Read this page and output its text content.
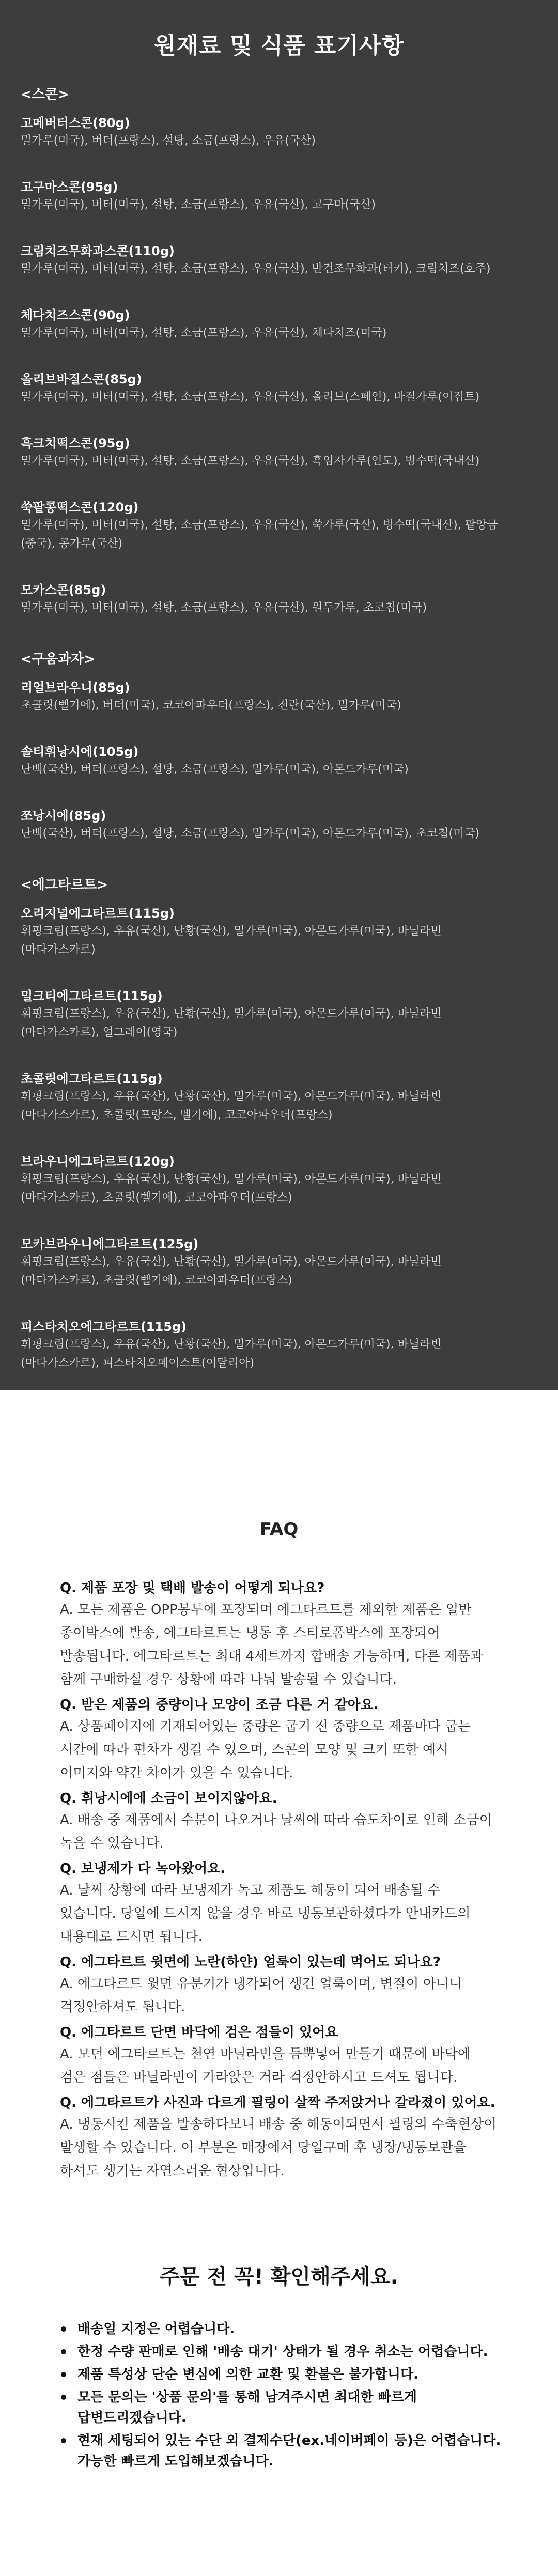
원재료 및 식품 표기사항
<스콘>
고메버터스콘(80g)
밀가루(미국), 버터(프랑스), 설탕, 소금(프랑스), 우유(국산)
고구마스콘(95g)
밀가루(미국), 버터(미국), 설탕, 소금(프랑스), 우유(국산), 고구마(국산)
크림치즈무화과스콘(110g)
밀가루(미국), 버터(미국), 설탕, 소금(프랑스), 우유(국산), 반건조무화과(터키), 크림치즈(호주)
체다치즈스콘(90g)
밀가루(미국), 버터(미국), 설탕, 소금(프랑스), 우유(국산), 체다치즈(미국)
올리브바질스콘(85g)
밀가루(미국), 버터(미국), 설탕, 소금(프랑스), 우유(국산), 올리브(스페인), 바질가루(이집트)
흑크치떡스콘(95g)
밀가루(미국), 버터(미국), 설탕, 소금(프랑스), 우유(국산), 흑임자가루(인도), 빙수떡(국내산)
쑥팥콩떡스콘(120g)
밀가루(미국), 버터(미국), 설탕, 소금(프랑스), 우유(국산), 쑥가루(국산), 빙수떡(국내산), 팥앙금(중국), 콩가루(국산)
모카스콘(85g)
밀가루(미국), 버터(미국), 설탕, 소금(프랑스), 우유(국산), 원두가루, 초코칩(미국)
<구움과자>
리얼브라우니(85g)
초콜릿(벨기에), 버터(미국), 코코아파우더(프랑스), 전란(국산), 밀가루(미국)
솔티휘낭시에(105g)
난백(국산), 버터(프랑스), 설탕, 소금(프랑스), 밀가루(미국), 아몬드가루(미국)
쪼낭시에(85g)
난백(국산), 버터(프랑스), 설탕, 소금(프랑스), 밀가루(미국), 아몬드가루(미국), 초코칩(미국)
<에그타르트>
오리지널에그타르트(115g)
휘핑크림(프랑스), 우유(국산), 난황(국산), 밀가루(미국), 아몬드가루(미국), 바닐라빈(마다가스카르)
밀크티에그타르트(115g)
휘핑크림(프랑스), 우유(국산), 난황(국산), 밀가루(미국), 아몬드가루(미국), 바닐라빈(마다가스카르), 얼그레이(영국)
초콜릿에그타르트(115g)
휘핑크림(프랑스), 우유(국산), 난황(국산), 밀가루(미국), 아몬드가루(미국), 바닐라빈(마다가스카르), 초콜릿(프랑스, 벨기에), 코코아파우더(프랑스)
브라우니에그타르트(120g)
휘핑크림(프랑스), 우유(국산), 난황(국산), 밀가루(미국), 아몬드가루(미국), 바닐라빈(마다가스카르), 초콜릿(벨기에), 코코아파우더(프랑스)
모카브라우니에그타르트(125g)
휘핑크림(프랑스), 우유(국산), 난황(국산), 밀가루(미국), 아몬드가루(미국), 바닐라빈(마다가스카르), 초콜릿(벨기에), 코코아파우더(프랑스)
피스타치오에그타르트(115g)
휘핑크림(프랑스), 우유(국산), 난황(국산), 밀가루(미국), 아몬드가루(미국), 바닐라빈(마다가스카르), 피스타치오페이스트(이탈리아)
FAQ
Q. 제품 포장 및 택배 발송이 어떻게 되나요?
A. 모든 제품은 OPP봉투에 포장되며 에그타르트를 제외한 제품은 일반 종이박스에 발송, 에그타르트는 냉동 후 스티로폼박스에 포장되어 발송됩니다. 에그타르트는 최대 4세트까지 합배송 가능하며, 다른 제품과 함께 구매하실 경우 상황에 따라 나눠 발송될 수 있습니다.
Q. 받은 제품의 중량이나 모양이 조금 다른 거 같아요.
A. 상품페이지에 기재되어있는 중량은 굽기 전 중량으로 제품마다 굽는 시간에 따라 편차가 생길 수 있으며, 스콘의 모양 및 크키 또한 예시 이미지와 약간 차이가 있을 수 있습니다.
Q. 휘낭시에에 소금이 보이지않아요.
A. 배송 중 제품에서 수분이 나오거나 날씨에 따라 습도차이로 인해 소금이 녹을 수 있습니다.
Q. 보냉제가 다 녹아왔어요.
A. 날씨 상황에 따라 보냉제가 녹고 제품도 해동이 되어 배송될 수 있습니다. 당일에 드시지 않을 경우 바로 냉동보관하셨다가 안내카드의 내용대로 드시면 됩니다.
Q. 에그타르트 윗면에 노란(하얀) 얼룩이 있는데 먹어도 되나요?
A. 에그타르트 윗면 유분기가 냉각되어 생긴 얼룩이며, 변질이 아니니 걱정안하셔도 됩니다.
Q. 에그타르트 단면 바닥에 검은 점들이 있어요
A. 모던 에그타르트는 천연 바닐라빈을 듬뿍넣어 만들기 때문에 바닥에 검은 점들은 바닐라빈이 가라앉은 거라 걱정안하시고 드셔도 됩니다.
Q. 에그타르트가 사진과 다르게 필링이 살짝 주저앉거나 갈라졌이 있어요.
A. 냉동시킨 제품을 발송하다보니 배송 중 해동이되면서 필링의 수축현상이 발생할 수 있습니다. 이 부분은 매장에서 당일구매 후 냉장/냉동보관을 하셔도 생기는 자연스러운 현상입니다.
주문 전 꼭! 확인해주세요.
배송일 지정은 어렵습니다.
한정 수량 판매로 인해 '배송 대기' 상태가 될 경우 취소는 어렵습니다.
제품 특성상 단순 변심에 의한 교환 및 환불은 불가합니다.
모든 문의는 '상품 문의'를 통해 남겨주시면 최대한 빠르게 답변드리겠습니다.
현재 세팅되어 있는 수단 외 결제수단(ex.네이버페이 등)은 어렵습니다. 가능한 빠르게 도입해보겠습니다.
